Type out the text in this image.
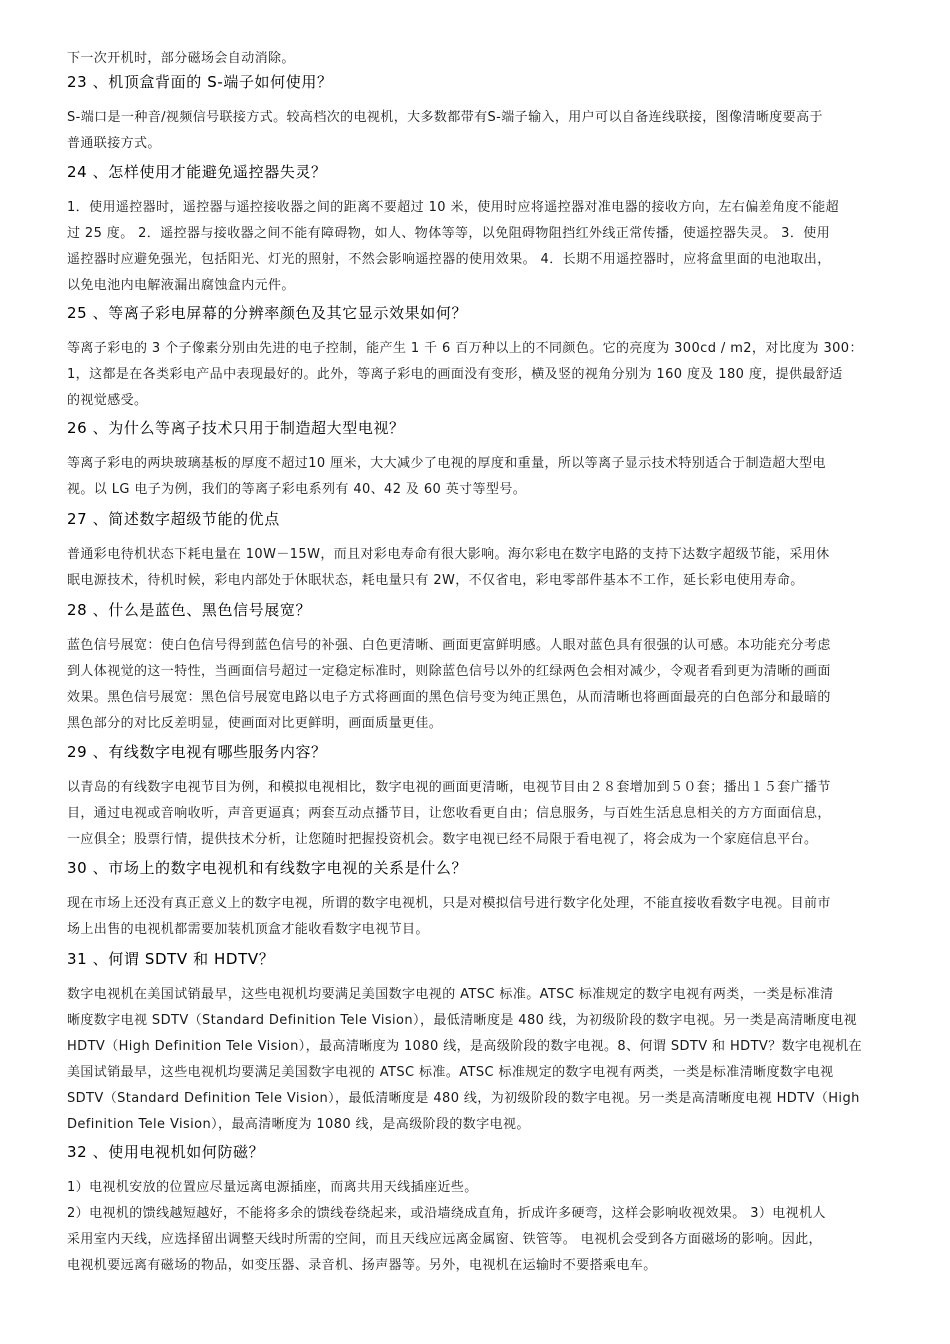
下一次开机时，部分磁场会自动消除。
23 、机顶盒背面的 S-端子如何使用？
S-端口是一种音/视频信号联接方式。较高档次的电视机，大多数都带有S-端子输入，用户可以自备连线联接，图像清晰度要高于
普通联接方式。
24 、怎样使用才能避免遥控器失灵？
1．使用遥控器时，遥控器与遥控接收器之间的距离不要超过 10 米，使用时应将遥控器对准电器的接收方向，左右偏差角度不能超
过 25 度。 2．遥控器与接收器之间不能有障碍物，如人、物体等等，以免阻碍物阻挡红外线正常传播，使遥控器失灵。 3．使用
遥控器时应避免强光，包括阳光、灯光的照射，不然会影响遥控器的使用效果。 4．长期不用遥控器时，应将盒里面的电池取出，
以免电池内电解液漏出腐蚀盒内元件。
25 、等离子彩电屏幕的分辨率颜色及其它显示效果如何？
等离子彩电的 3 个子像素分别由先进的电子控制，能产生 1 千 6 百万种以上的不同颜色。它的亮度为 300cd / m2，对比度为 300：
1，这都是在各类彩电产品中表现最好的。此外，等离子彩电的画面没有变形，横及竖的视角分别为 160 度及 180 度，提供最舒适
的视觉感受。
26 、为什么等离子技术只用于制造超大型电视？
等离子彩电的两块玻璃基板的厚度不超过10 厘米，大大减少了电视的厚度和重量，所以等离子显示技术特别适合于制造超大型电
视。以 LG 电子为例，我们的等离子彩电系列有 40、42 及 60 英寸等型号。
27 、简述数字超级节能的优点
普通彩电待机状态下耗电量在 10W－15W，而且对彩电寿命有很大影响。海尔彩电在数字电路的支持下达数字超级节能，采用休
眠电源技术，待机时候，彩电内部处于休眠状态，耗电量只有 2W，不仅省电，彩电零部件基本不工作，延长彩电使用寿命。
28 、什么是蓝色、黑色信号展宽？
蓝色信号展宽：使白色信号得到蓝色信号的补强、白色更清晰、画面更富鲜明感。人眼对蓝色具有很强的认可感。本功能充分考虑
到人体视觉的这一特性，当画面信号超过一定稳定标准时，则除蓝色信号以外的红绿两色会相对减少，令观者看到更为清晰的画面
效果。黑色信号展宽：黑色信号展宽电路以电子方式将画面的黑色信号变为纯正黑色，从而清晰也将画面最亮的白色部分和最暗的
黑色部分的对比反差明显，使画面对比更鲜明，画面质量更佳。
29 、有线数字电视有哪些服务内容？
以青岛的有线数字电视节目为例，和模拟电视相比，数字电视的画面更清晰，电视节目由２８套增加到５０套；播出１５套广播节
目，通过电视或音响收听，声音更逼真；两套互动点播节目，让您收看更自由；信息服务，与百姓生活息息相关的方方面面信息，
一应俱全；股票行情，提供技术分析，让您随时把握投资机会。数字电视已经不局限于看电视了，将会成为一个家庭信息平台。
30 、市场上的数字电视机和有线数字电视的关系是什么？
现在市场上还没有真正意义上的数字电视，所谓的数字电视机，只是对模拟信号进行数字化处理，不能直接收看数字电视。目前市
场上出售的电视机都需要加装机顶盒才能收看数字电视节目。
31 、何谓 SDTV 和 HDTV？
数字电视机在美国试销最早，这些电视机均要满足美国数字电视的 ATSC 标准。ATSC 标准规定的数字电视有两类，一类是标准清
晰度数字电视 SDTV（Standard Definition Tele Vision），最低清晰度是 480 线，为初级阶段的数字电视。另一类是高清晰度电视
HDTV（High Definition Tele Vision），最高清晰度为 1080 线，是高级阶段的数字电视。8、何谓 SDTV 和 HDTV？数字电视机在
美国试销最早，这些电视机均要满足美国数字电视的 ATSC 标准。ATSC 标准规定的数字电视有两类，一类是标准清晰度数字电视
SDTV（Standard Definition Tele Vision），最低清晰度是 480 线，为初级阶段的数字电视。另一类是高清晰度电视 HDTV（High
Definition Tele Vision），最高清晰度为 1080 线，是高级阶段的数字电视。
32 、使用电视机如何防磁？
1）电视机安放的位置应尽量远离电源插座，而离共用天线插座近些。
2）电视机的馈线越短越好，不能将多余的馈线卷绕起来，或沿墙绕成直角，折成许多硬弯，这样会影响收视效果。 3）电视机人
采用室内天线，应选择留出调整天线时所需的空间，而且天线应远离金属窗、铁管等。 电视机会受到各方面磁场的影响。因此，
电视机要远离有磁场的物品，如变压器、录音机、扬声器等。另外，电视机在运输时不要搭乘电车。
